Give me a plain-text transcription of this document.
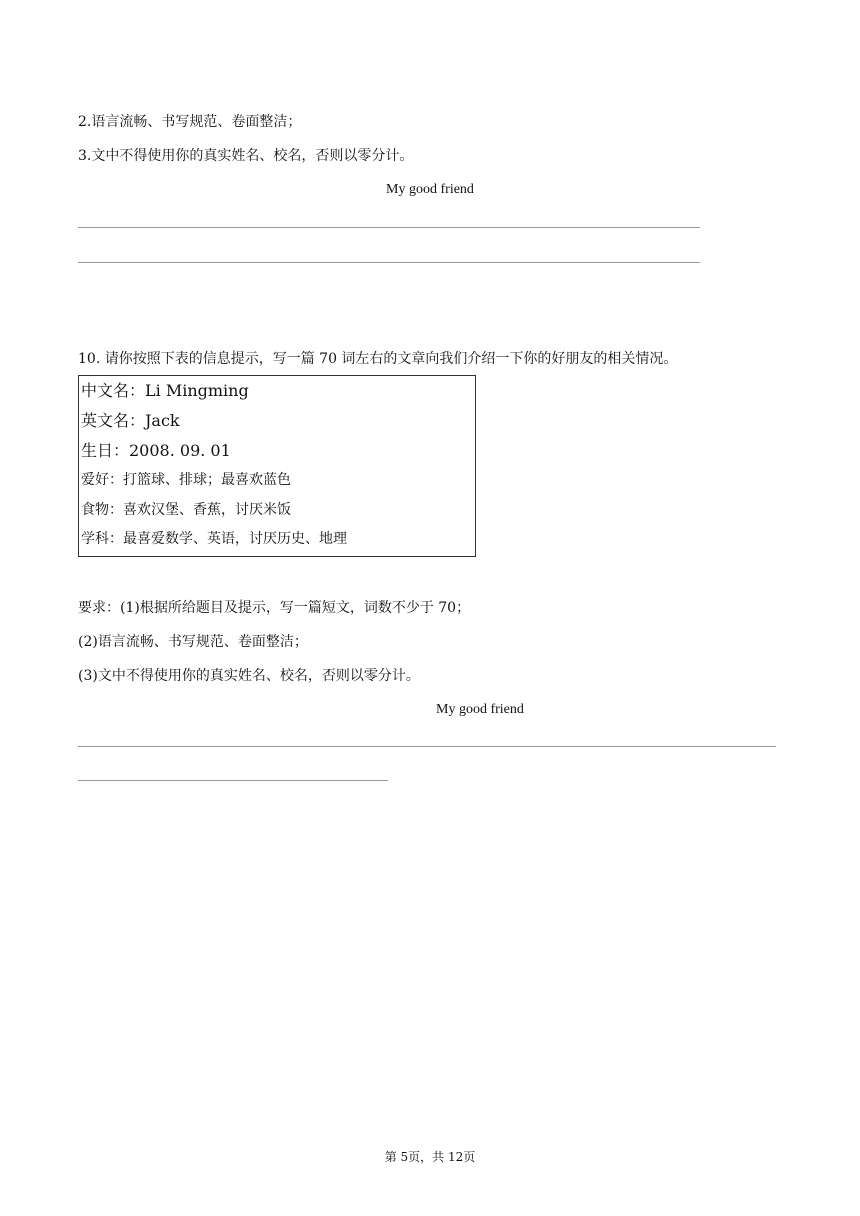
2.语言流畅、书写规范、卷面整洁；
3.文中不得使用你的真实姓名、校名，否则以零分计。
My good friend
10. 请你按照下表的信息提示，写一篇 70 词左右的文章向我们介绍一下你的好朋友的相关情况。
中文名：Li Mingming
英文名：Jack
生日：2008. 09. 01
爱好：打篮球、排球；最喜欢蓝色
食物：喜欢汉堡、香蕉，讨厌米饭
学科：最喜爱数学、英语，讨厌历史、地理
要求：(1)根据所给题目及提示，写一篇短文，词数不少于 70；
(2)语言流畅、书写规范、卷面整洁；
(3)文中不得使用你的真实姓名、校名，否则以零分计。
My good friend
第 5页，共 12页
